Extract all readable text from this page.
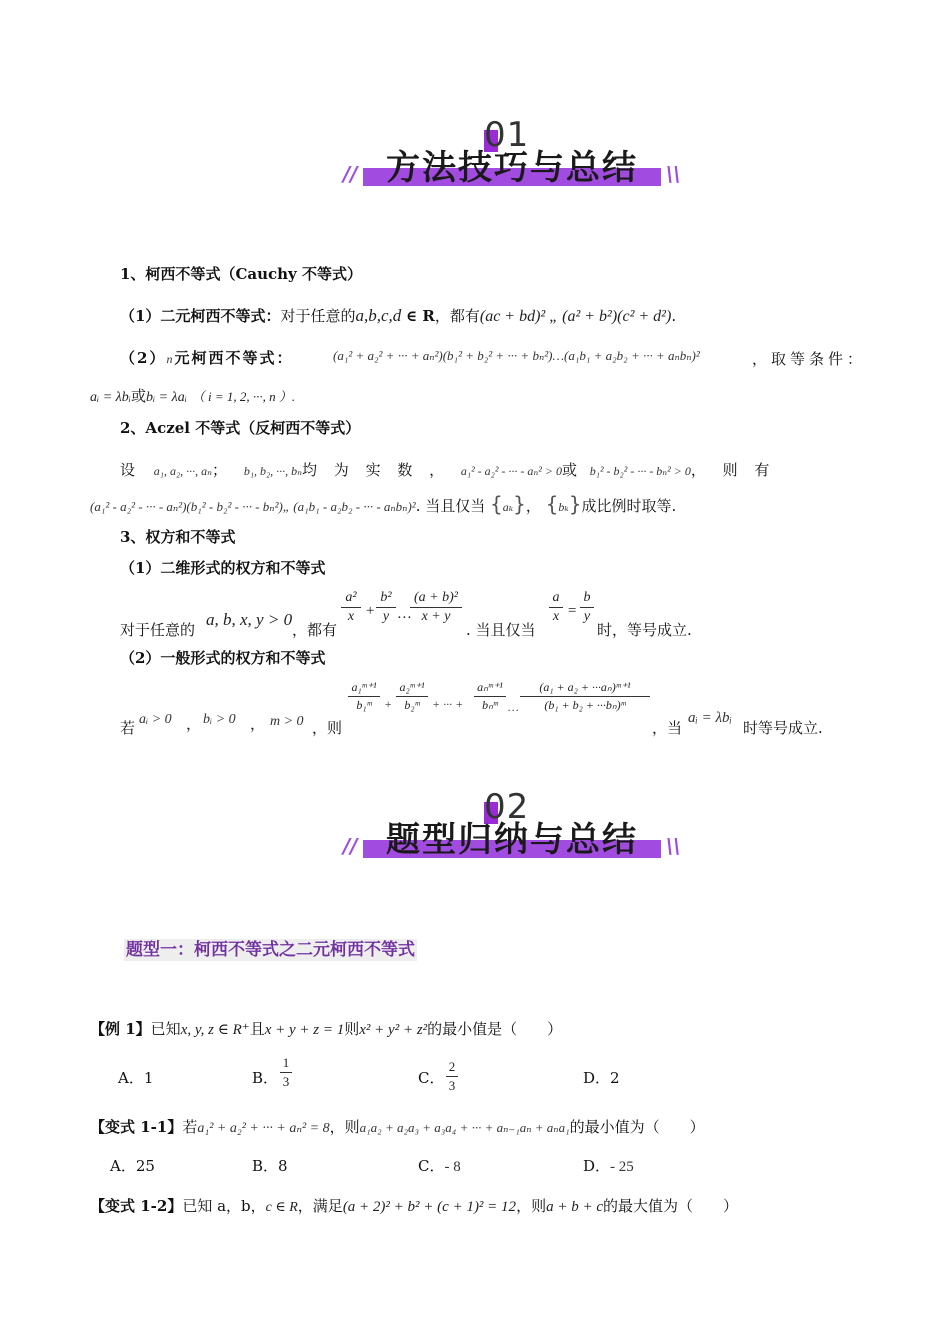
01
方法技巧与总结
//	\\
1、柯西不等式（Cauchy 不等式）
（1）二元柯西不等式：对于任意的a,b,c,d ∈ R，都有(ac + bd)² „ (a² + b²)(c² + d²).
（2）n元柯西不等式：	(a₁² + a₂² + ··· + aₙ²)(b₁² + b₂² + ··· + bₙ²)…(a₁b₁ + a₂b₂ + ··· + aₙbₙ)²	，取等条件：
aᵢ = λbᵢ或bᵢ = λaᵢ （ i = 1, 2, ···, n ）.
2、Aczel 不等式（反柯西不等式）
设 a₁, a₂, ···, aₙ； b₁, b₂, ···, bₙ均 为 实 数 ， a₁² - a₂² - ··· - aₙ² > 0或 b₁² - b₂² - ··· - bₙ² > 0， 则 有
(a₁² - a₂² - ··· - aₙ²)(b₁² - b₂² - ··· - bₙ²)„ (a₁b₁ - a₂b₂ - ··· - aₙbₙ)². 当且仅当 {aₖ}， {bₖ}成比例时取等.
3、权方和不等式
（1）二维形式的权方和不等式
对于任意的
a, b, x, y > 0
，都有
a²
x +
b²
y …
(a + b)²
x + y
. 当且仅当
a
x =
b
y
时，等号成立.
（2）一般形式的权方和不等式
若 aᵢ > 0 ， bᵢ > 0 ， m > 0 ，则
a₁ᵐ⁺¹
b₁ᵐ	+
a₂ᵐ⁺¹
b₂ᵐ	+ ··· +
aₙᵐ⁺¹
bₙᵐ …
(a₁ + a₂ + ···aₙ)ᵐ⁺¹
(b₁ + b₂ + ···bₙ)ᵐ
，当
aᵢ = λbᵢ
时等号成立.
02
题型归纳与总结
//	\\
题型一：柯西不等式之二元柯西不等式
【例 1】已知x, y, z ∈ R⁺且x + y + z = 1则x² + y² + z²的最小值是（　　）
A．1	B．
1
3	C．
2
3	D．2
【变式 1-1】若a₁² + a₂² + ··· + aₙ² = 8，则a₁a₂ + a₂a₃ + a₃a₄ + ··· + aₙ₋₁aₙ + aₙa₁的最小值为（　　）
A．25	B．8	C．- 8	D．- 25
【变式 1-2】已知 a，b，c ∈ R，满足(a + 2)² + b² + (c + 1)² = 12，则a + b + c的最大值为（　　）
